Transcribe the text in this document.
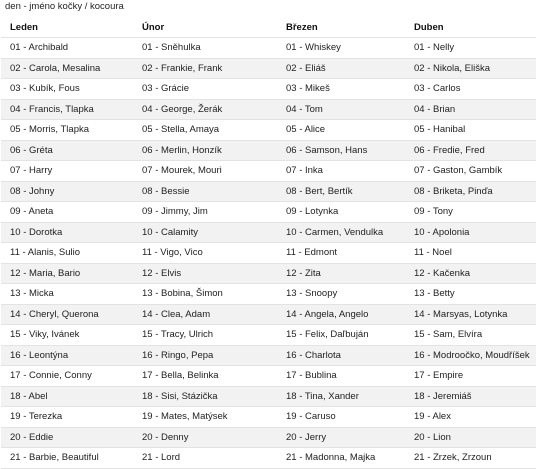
den - jméno kočky / kocoura
Leden	Únor	Březen	Duben
01 - Archibald	01 - Sněhulka	01 - Whiskey	01 - Nelly
02 - Carola, Mesalina	02 - Frankie, Frank	02 - Eliáš	02 - Nikola, Eliška
03 - Kubík, Fous	03 - Grácie	03 - Mikeš	03 - Carlos
04 - Francis, Tlapka	04 - George, Žerák	04 - Tom	04 - Brian
05 - Morris, Tlapka	05 - Stella, Amaya	05 - Alice	05 - Hanibal
06 - Gréta	06 - Merlin, Honzík	06 - Samson, Hans	06 - Fredie, Fred
07 - Harry	07 - Mourek, Mouri	07 - Inka	07 - Gaston, Gambík
08 - Johny	08 - Bessie	08 - Bert, Bertík	08 - Briketa, Pinďa
09 - Aneta	09 - Jimmy, Jim	09 - Lotynka	09 - Tony
10 - Dorotka	10 - Calamity	10 - Carmen, Vendulka	10 - Apolonia
11 - Alanis, Sulio	11 - Vigo, Vico	11 - Edmont	11 - Noel
12 - Maria, Bario	12 - Elvis	12 - Zita	12 - Kačenka
13 - Micka	13 - Bobina, Šimon	13 - Snoopy	13 - Betty
14 - Cheryl, Querona	14 - Clea, Adam	14 - Angela, Angelo	14 - Marsyas, Lotynka
15 - Viky, Ivánek	15 - Tracy, Ulrich	15 - Felix, Daľbuján	15 - Sam, Elvíra
16 - Leontýna	16 - Ringo, Pepa	16 - Charlota	16 - Modroočko, Moudříšek
17 - Connie, Conny	17 - Bella, Belinka	17 - Bublina	17 - Empire
18 - Abel	18 - Sisi, Stázička	18 - Tina, Xander	18 - Jeremiáš
19 - Terezka	19 - Mates, Matýsek	19 - Caruso	19 - Alex
20 - Eddie	20 - Denny	20 - Jerry	20 - Lion
21 - Barbie, Beautiful	21 - Lord	21 - Madonna, Majka	21 - Zrzek, Zrzoun
